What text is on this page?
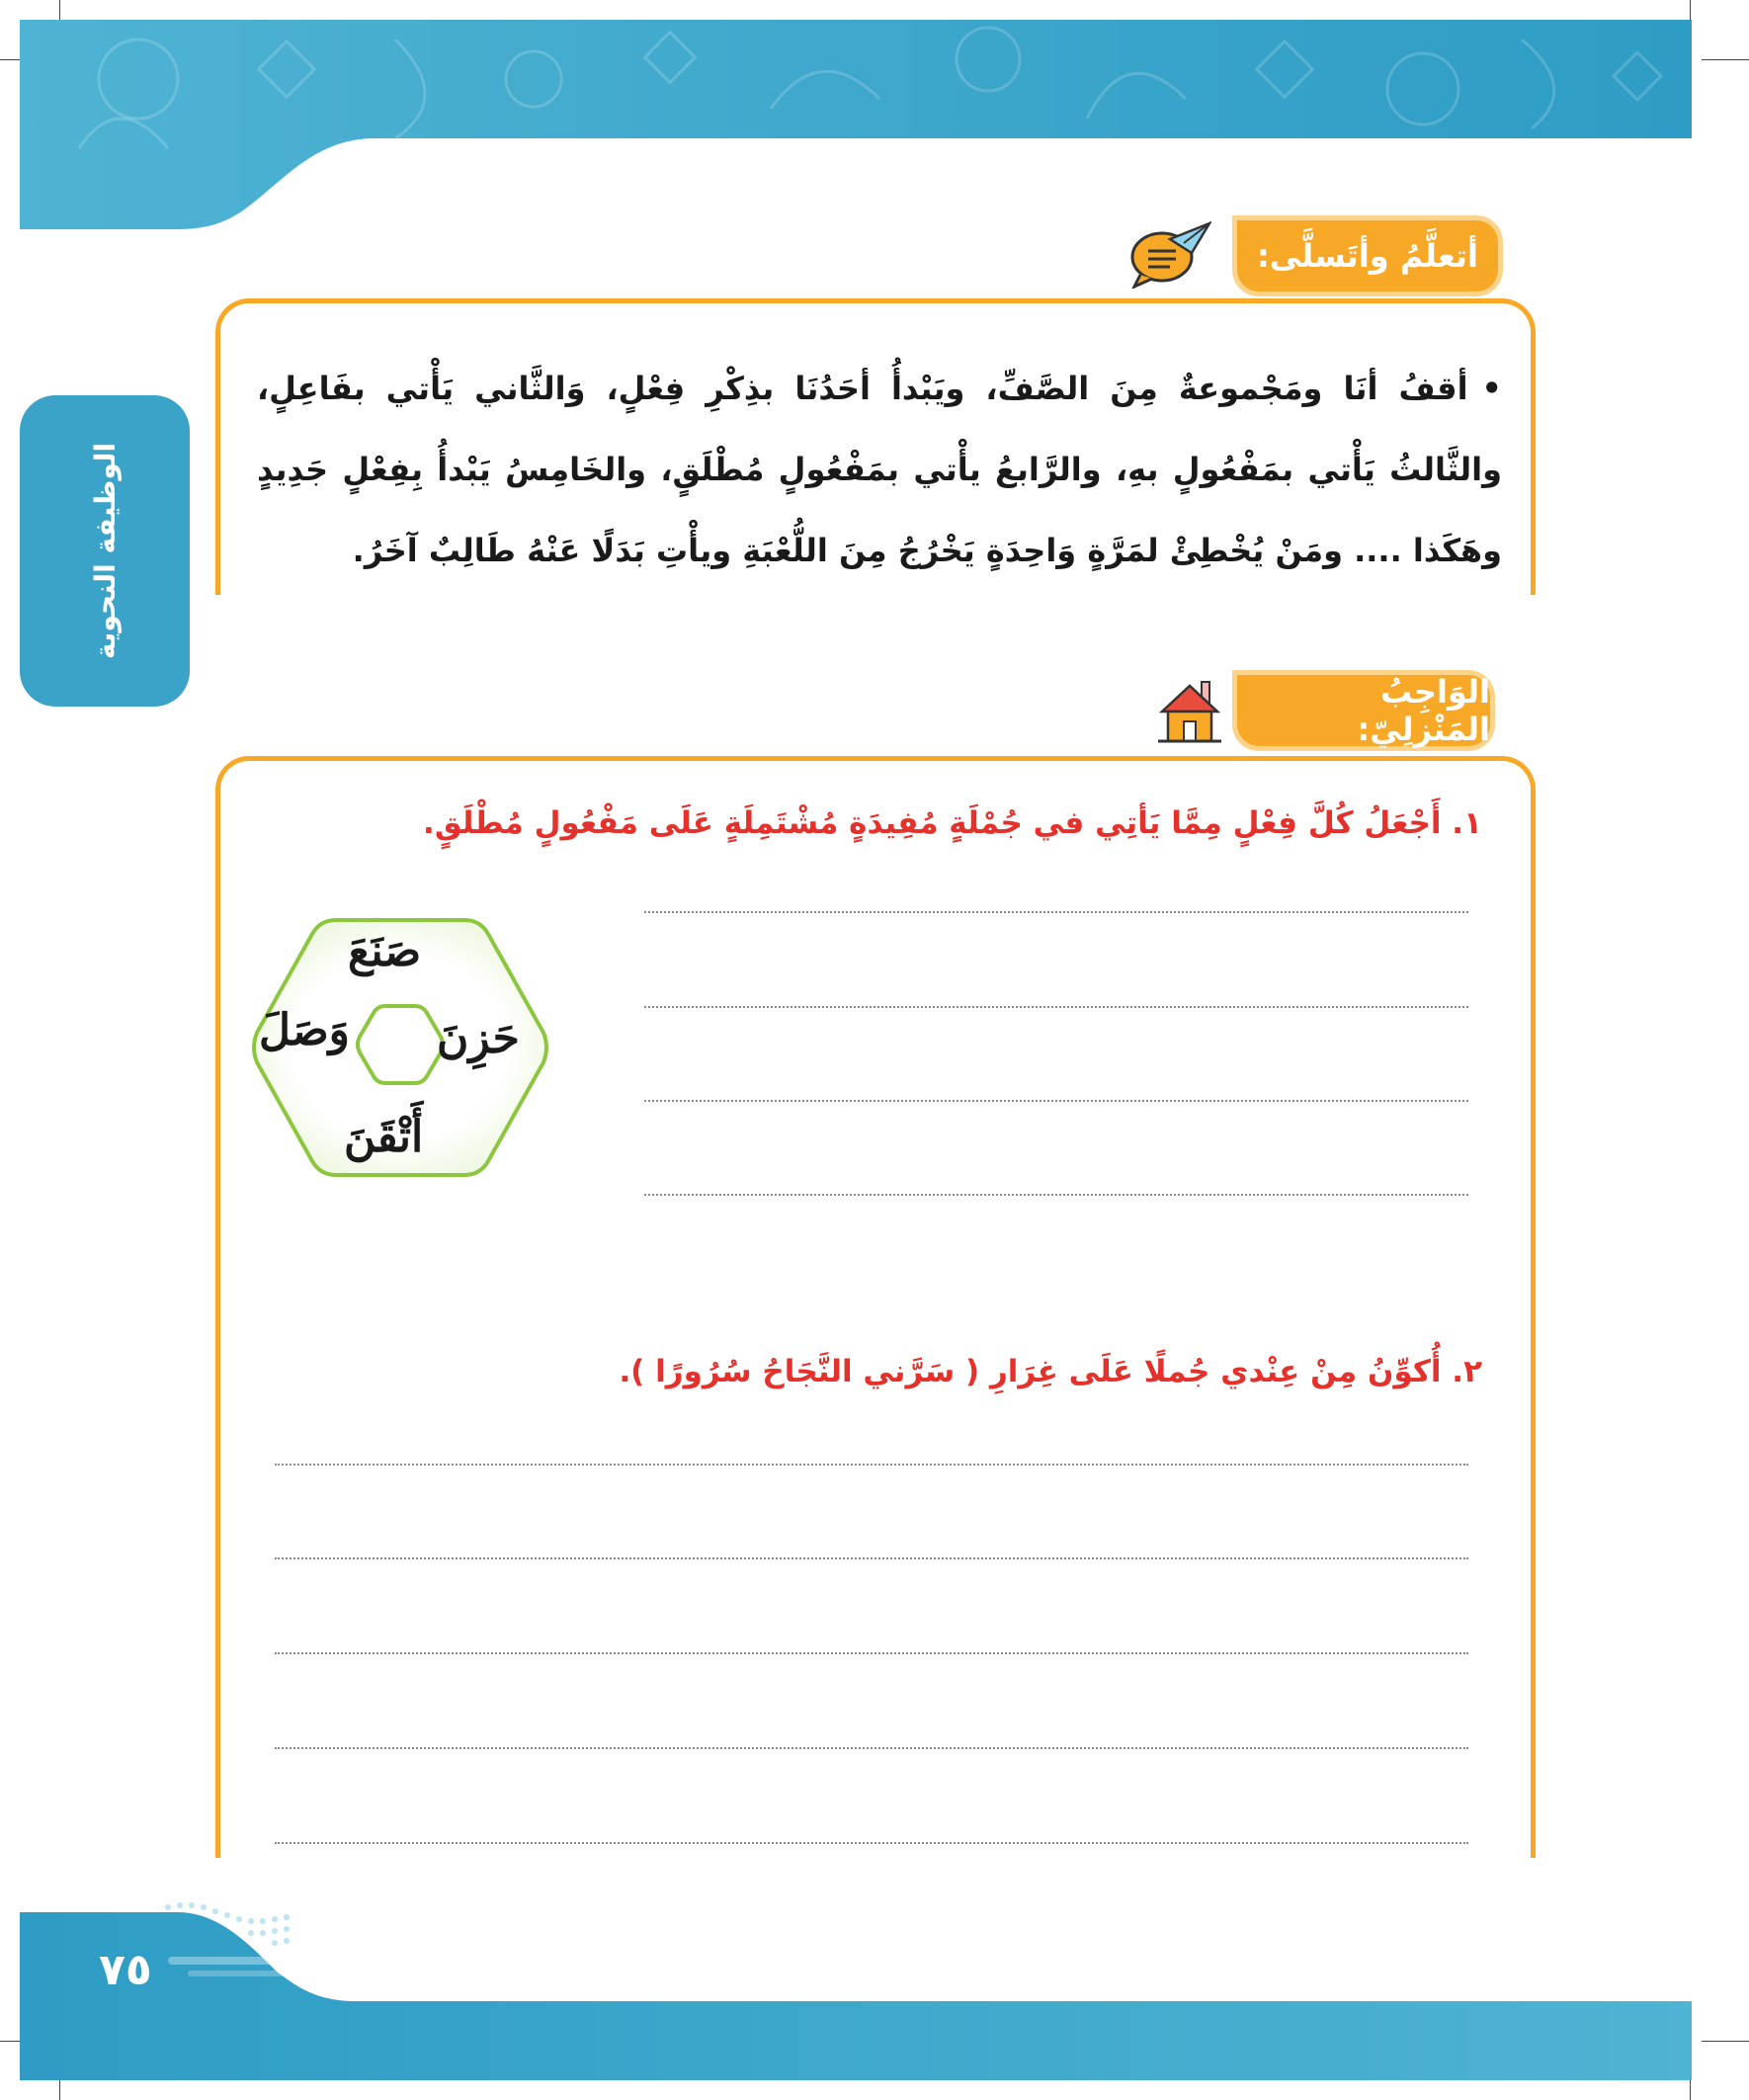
الوظيفة النحوية
أتعلَّمُ وأتَسلَّى:
•أقفُ أنَا ومَجْموعةٌ مِنَ الصَّفِّ، ويَبْدأُ أحَدُنَا بذِكْرِ فِعْلٍ، وَالثَّاني يَأْتي بفَاعِلٍ، والثَّالثُ يَأْتي بمَفْعُولٍ بهِ، والرَّابعُ يأْتي بمَفْعُولٍ مُطْلَقٍ، والخَامِسُ يَبْدأُ بِفِعْلٍ جَدِيدٍ وهَكَذا .... ومَنْ يُخْطِئْ لمَرَّةٍ وَاحِدَةٍ يَخْرُجُ مِنَ اللُّعْبَةِ ويأْتِ بَدَلًا عَنْهُ طَالِبٌ آخَرُ.
الوَاجِبُ المَنْزلِيّ:
١. أَجْعَلُ كُلَّ فِعْلٍ مِمَّا يَأتِي في جُمْلَةٍ مُفِيدَةٍ مُشْتَمِلَةٍ عَلَى مَفْعُولٍ مُطْلَقٍ.
صَنَعَ
حَزِنَ
وَصَلَ
أَتْقَنَ
٢. أُكوِّنُ مِنْ عِنْدي جُملًا عَلَى غِرَارِ ( سَرَّني النَّجَاحُ سُرُورًا ).
٧٥
